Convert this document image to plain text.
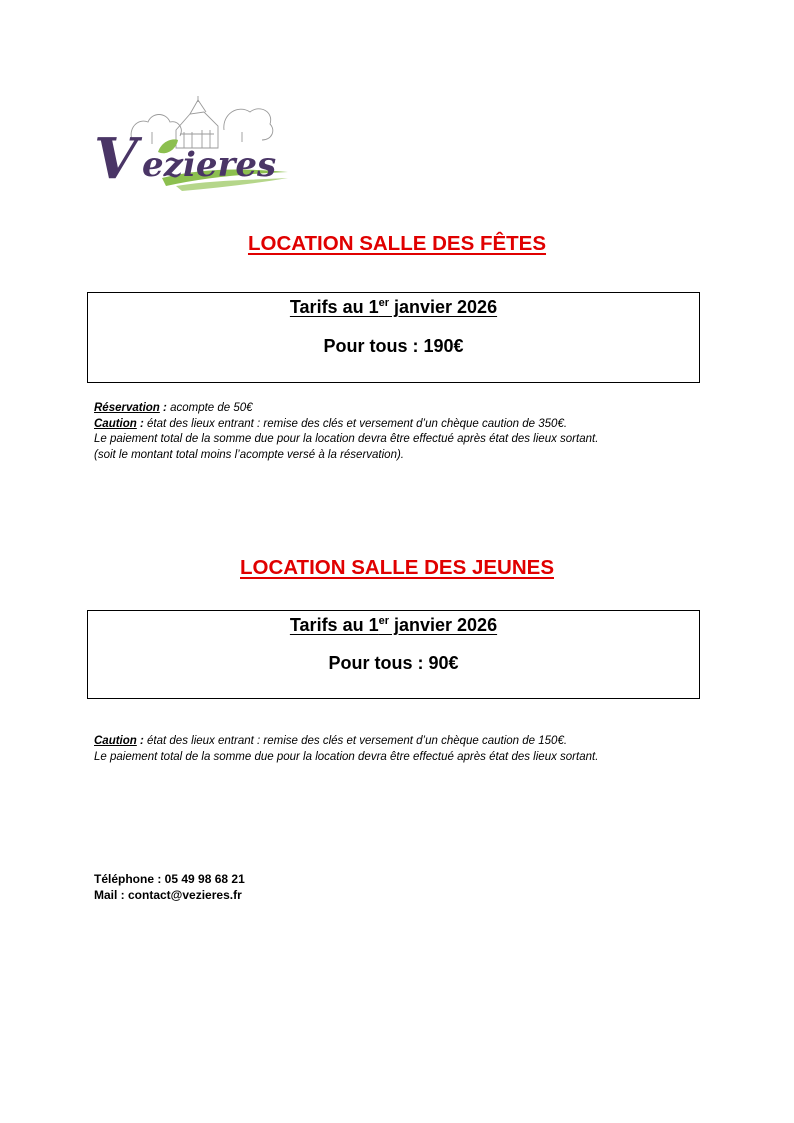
V ezieres
LOCATION SALLE DES FÊTES
Tarifs au 1er janvier 2026
Pour tous : 190€
Réservation : acompte de 50€
Caution : état des lieux entrant : remise des clés et versement d’un chèque caution de 350€.
Le paiement total de la somme due pour la location devra être effectué après état des lieux sortant.
(soit le montant total moins l’acompte versé à la réservation).
LOCATION SALLE DES JEUNES
Tarifs au 1er janvier 2026
Pour tous : 90€
Caution : état des lieux entrant : remise des clés et versement d’un chèque caution de 150€.
Le paiement total de la somme due pour la location devra être effectué après état des lieux sortant.
Téléphone : 05 49 98 68 21
Mail : contact@vezieres.fr
